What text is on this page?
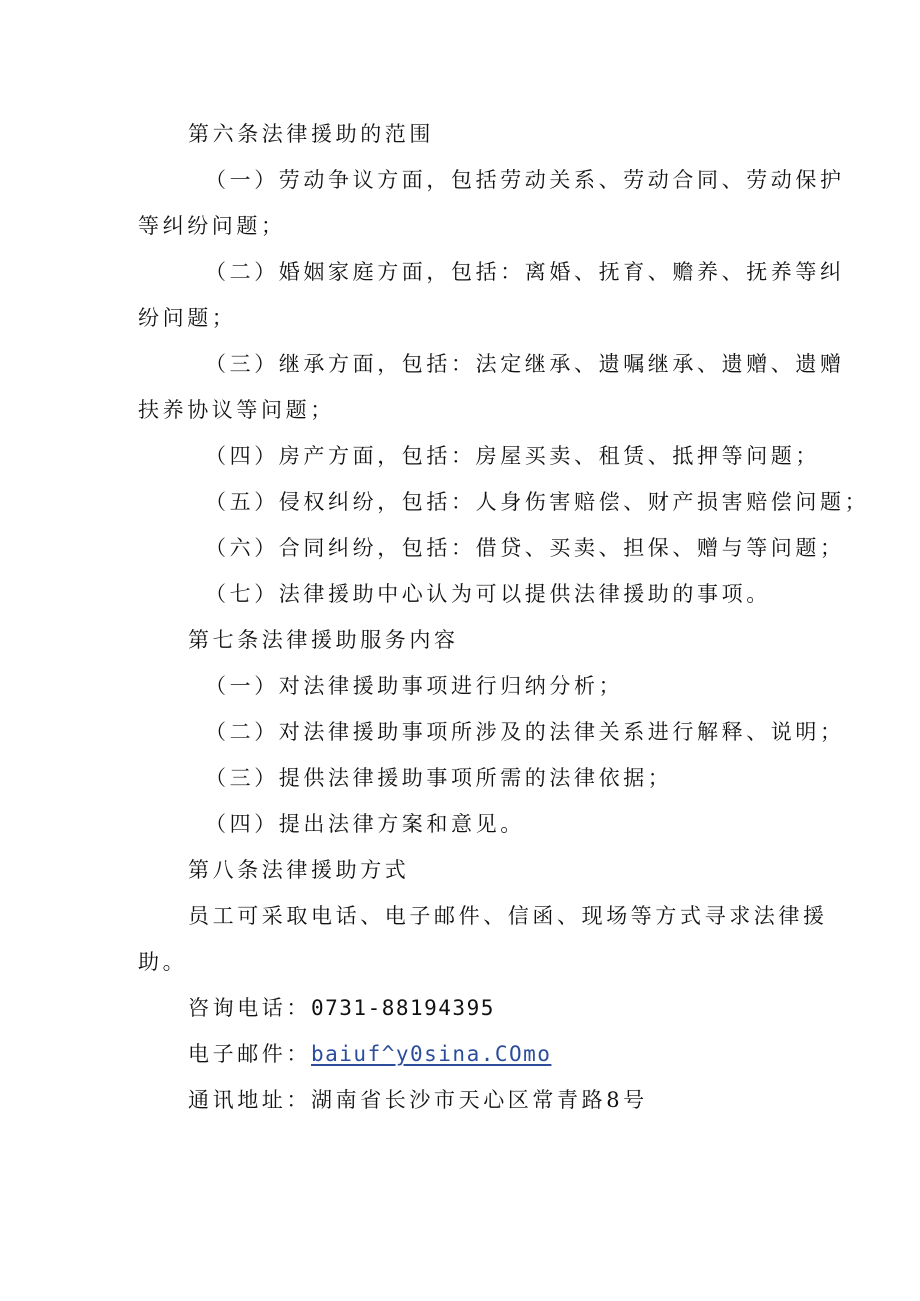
第六条法律援助的范围
（一）劳动争议方面，包括劳动关系、劳动合同、劳动保护
等纠纷问题；
（二）婚姻家庭方面，包括：离婚、抚育、赡养、抚养等纠
纷问题；
（三）继承方面，包括：法定继承、遗嘱继承、遗赠、遗赠
扶养协议等问题；
（四）房产方面，包括：房屋买卖、租赁、抵押等问题；
（五）侵权纠纷，包括：人身伤害赔偿、财产损害赔偿问题；
（六）合同纠纷，包括：借贷、买卖、担保、赠与等问题；
（七）法律援助中心认为可以提供法律援助的事项。
第七条法律援助服务内容
（一）对法律援助事项进行归纳分析；
（二）对法律援助事项所涉及的法律关系进行解释、说明；
（三）提供法律援助事项所需的法律依据；
（四）提出法律方案和意见。
第八条法律援助方式
员工可采取电话、电子邮件、信函、现场等方式寻求法律援
助。
咨询电话：0731-88194395
电子邮件：baiuf^y0sina.COmo
通讯地址：湖南省长沙市天心区常青路8号
